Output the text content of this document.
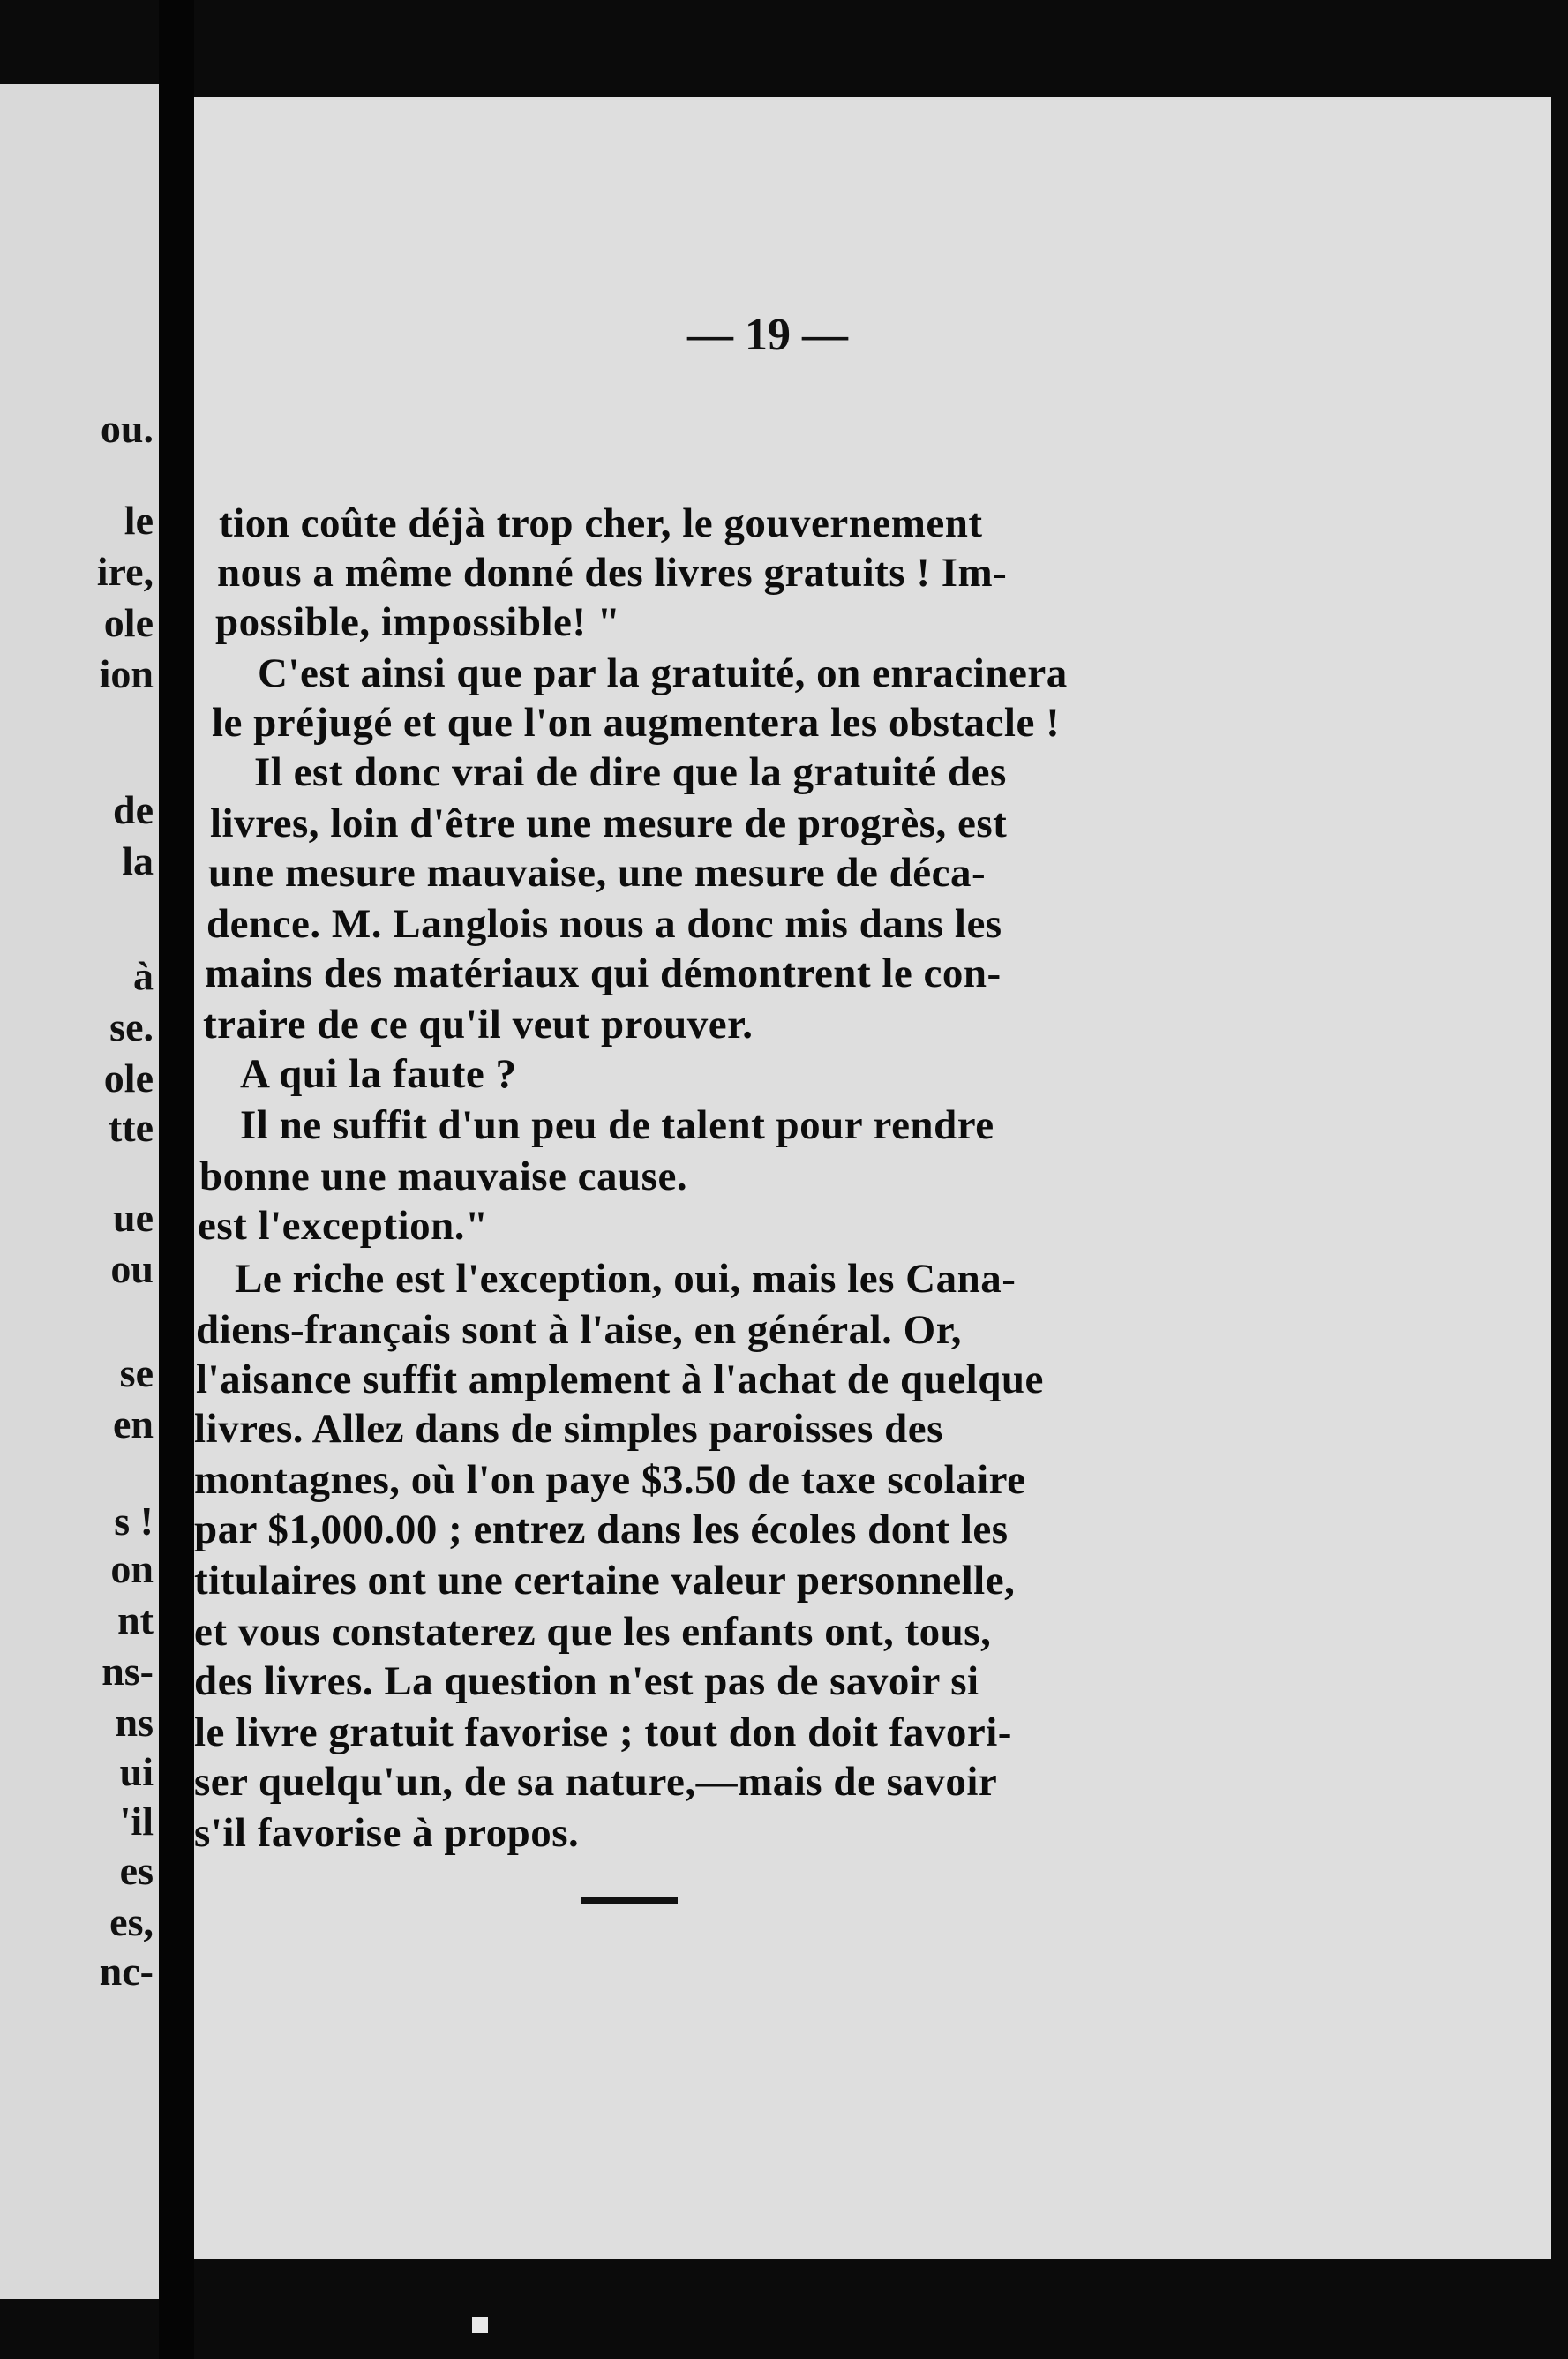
ou.
le
ire,
ole
ion
de
la
à
se.
ole
tte
ue
ou
se
en
s !
on
nt
ns-
ns
ui
'il
es
es,
nc-
— 19 —
tion coûte déjà trop cher, le gouvernement
nous a même donné des livres gratuits ! Im-
possible, impossible! "
C'est ainsi que par la gratuité, on enracinera
le préjugé et que l'on augmentera les obstacle !
Il est donc vrai de dire que la gratuité des
livres, loin d'être une mesure de progrès, est
une mesure mauvaise, une mesure de déca-
dence. M. Langlois nous a donc mis dans les
mains des matériaux qui démontrent le con-
traire de ce qu'il veut prouver.
A qui la faute ?
Il ne suffit d'un peu de talent pour rendre
bonne une mauvaise cause.
est l'exception."
Le riche est l'exception, oui, mais les Cana-
diens-français sont à l'aise, en général. Or,
l'aisance suffit amplement à l'achat de quelque
livres. Allez dans de simples paroisses des
montagnes, où l'on paye $3.50 de taxe scolaire
par $1,000.00 ; entrez dans les écoles dont les
titulaires ont une certaine valeur personnelle,
et vous constaterez que les enfants ont, tous,
des livres. La question n'est pas de savoir si
le livre gratuit favorise ; tout don doit favori-
ser quelqu'un, de sa nature,—mais de savoir
s'il favorise à propos.
